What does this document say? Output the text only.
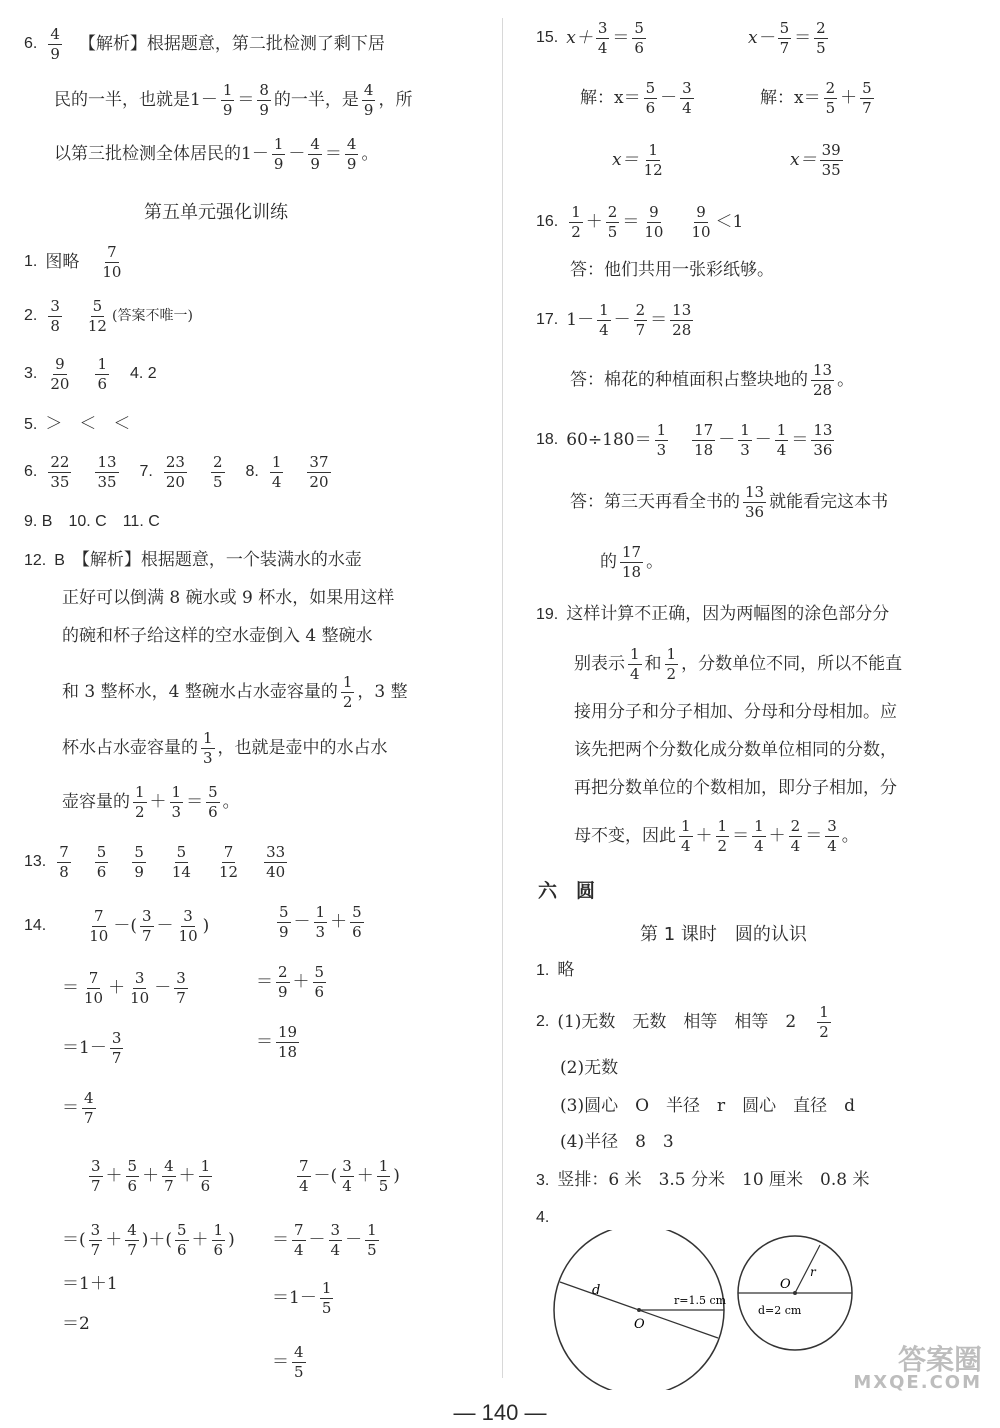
6.
4
9 【解析】 根据题意，第二批检测了剩下居
民的一半，也就是 1－ 1
9 ＝ 8
9 的一半，是 4
9 ，所
以第三批检测全体居民的 1－ 1
9 － 4
9 ＝ 4
9 。
第五单元强化训练
1. 图略 7
10
2.
3
8
5
12
(答案不唯一)
3.
9
20
1
6
4. 2
5. ＞　＜　＜
6.
22
35
13
35
7.
23
20
2
5
8.
1
4
37
20
9. B　10. C　11. C
12. B 【解析】 根据题意，一个装满水的水壶
正好可以倒满 8 碗水或 9 杯水，如果用这样
的碗和杯子给这样的空水壶倒入 4 整碗水
和 3 整杯水，4 整碗水占水壶容量的 1
2 ，3 整
杯水占水壶容量的 1
3 ，也就是壶中的水占水
壶容量的 1
2 ＋ 1
3 ＝ 5
6 。
13.
7
8
5
6
5
9
5
14
7
12
33
40
14.
7
10 －( 3
7 － 3
10 )
＝ 7
10 ＋ 3
10 － 3
7
＝1－ 3
7
＝ 4
7
5
9 － 1
3 ＋ 5
6
＝ 2
9 ＋ 5
6
＝ 19
18
3
7 ＋ 5
6 ＋ 4
7 ＋ 1
6
＝( 3
7 ＋ 4
7 )＋( 5
6 ＋ 1
6 )
＝1＋1
＝2
7
4 －( 3
4 ＋ 1
5 )
＝ 7
4 － 3
4 － 1
5
＝1－ 1
5
＝ 4
5
15. x＋ 3
4 ＝ 5
6	x－ 5
7 ＝ 2
5
解：x＝ 5
6 － 3
4	解：x＝ 2
5 ＋ 5
7
x＝ 1
12	x＝ 39
35
16.
1
2 ＋ 2
5 ＝ 9
10
9
10 ＜1
答：他们共用一张彩纸够。
17. 1－ 1
4 － 2
7 ＝ 13
28
答：棉花的种植面积占整块地的 13
28 。
18. 60÷180＝ 1
3
17
18 － 1
3 － 1
4 ＝ 13
36
答：第三天再看全书的 13
36 就能看完这本书
的 17
18 。
19. 这样计算不正确，因为两幅图的涂色部分分
别表示 1
4 和 1
2 ，分数单位不同，所以不能直
接用分子和分子相加、分母和分母相加。应
该先把两个分数化成分数单位相同的分数，
再把分数单位的个数相加，即分子相加，分
母不变，因此 1
4 ＋ 1
2 ＝ 1
4 ＋ 2
4 ＝ 3
4 。
六　圆
第 1 课时　圆的认识
1. 略
2. (1)无数　无数　相等　相等　2 1
2
(2)无数
(3)圆心　O　半径　r　圆心　直径　d
(4)半径　8　3
3. 竖排：6 米　3.5 分米　10 厘米　0.8 米
4.
d
O
r=1.5 cm
O
r
d=2 cm
— 140 —
答案圈
MXQE.COM
